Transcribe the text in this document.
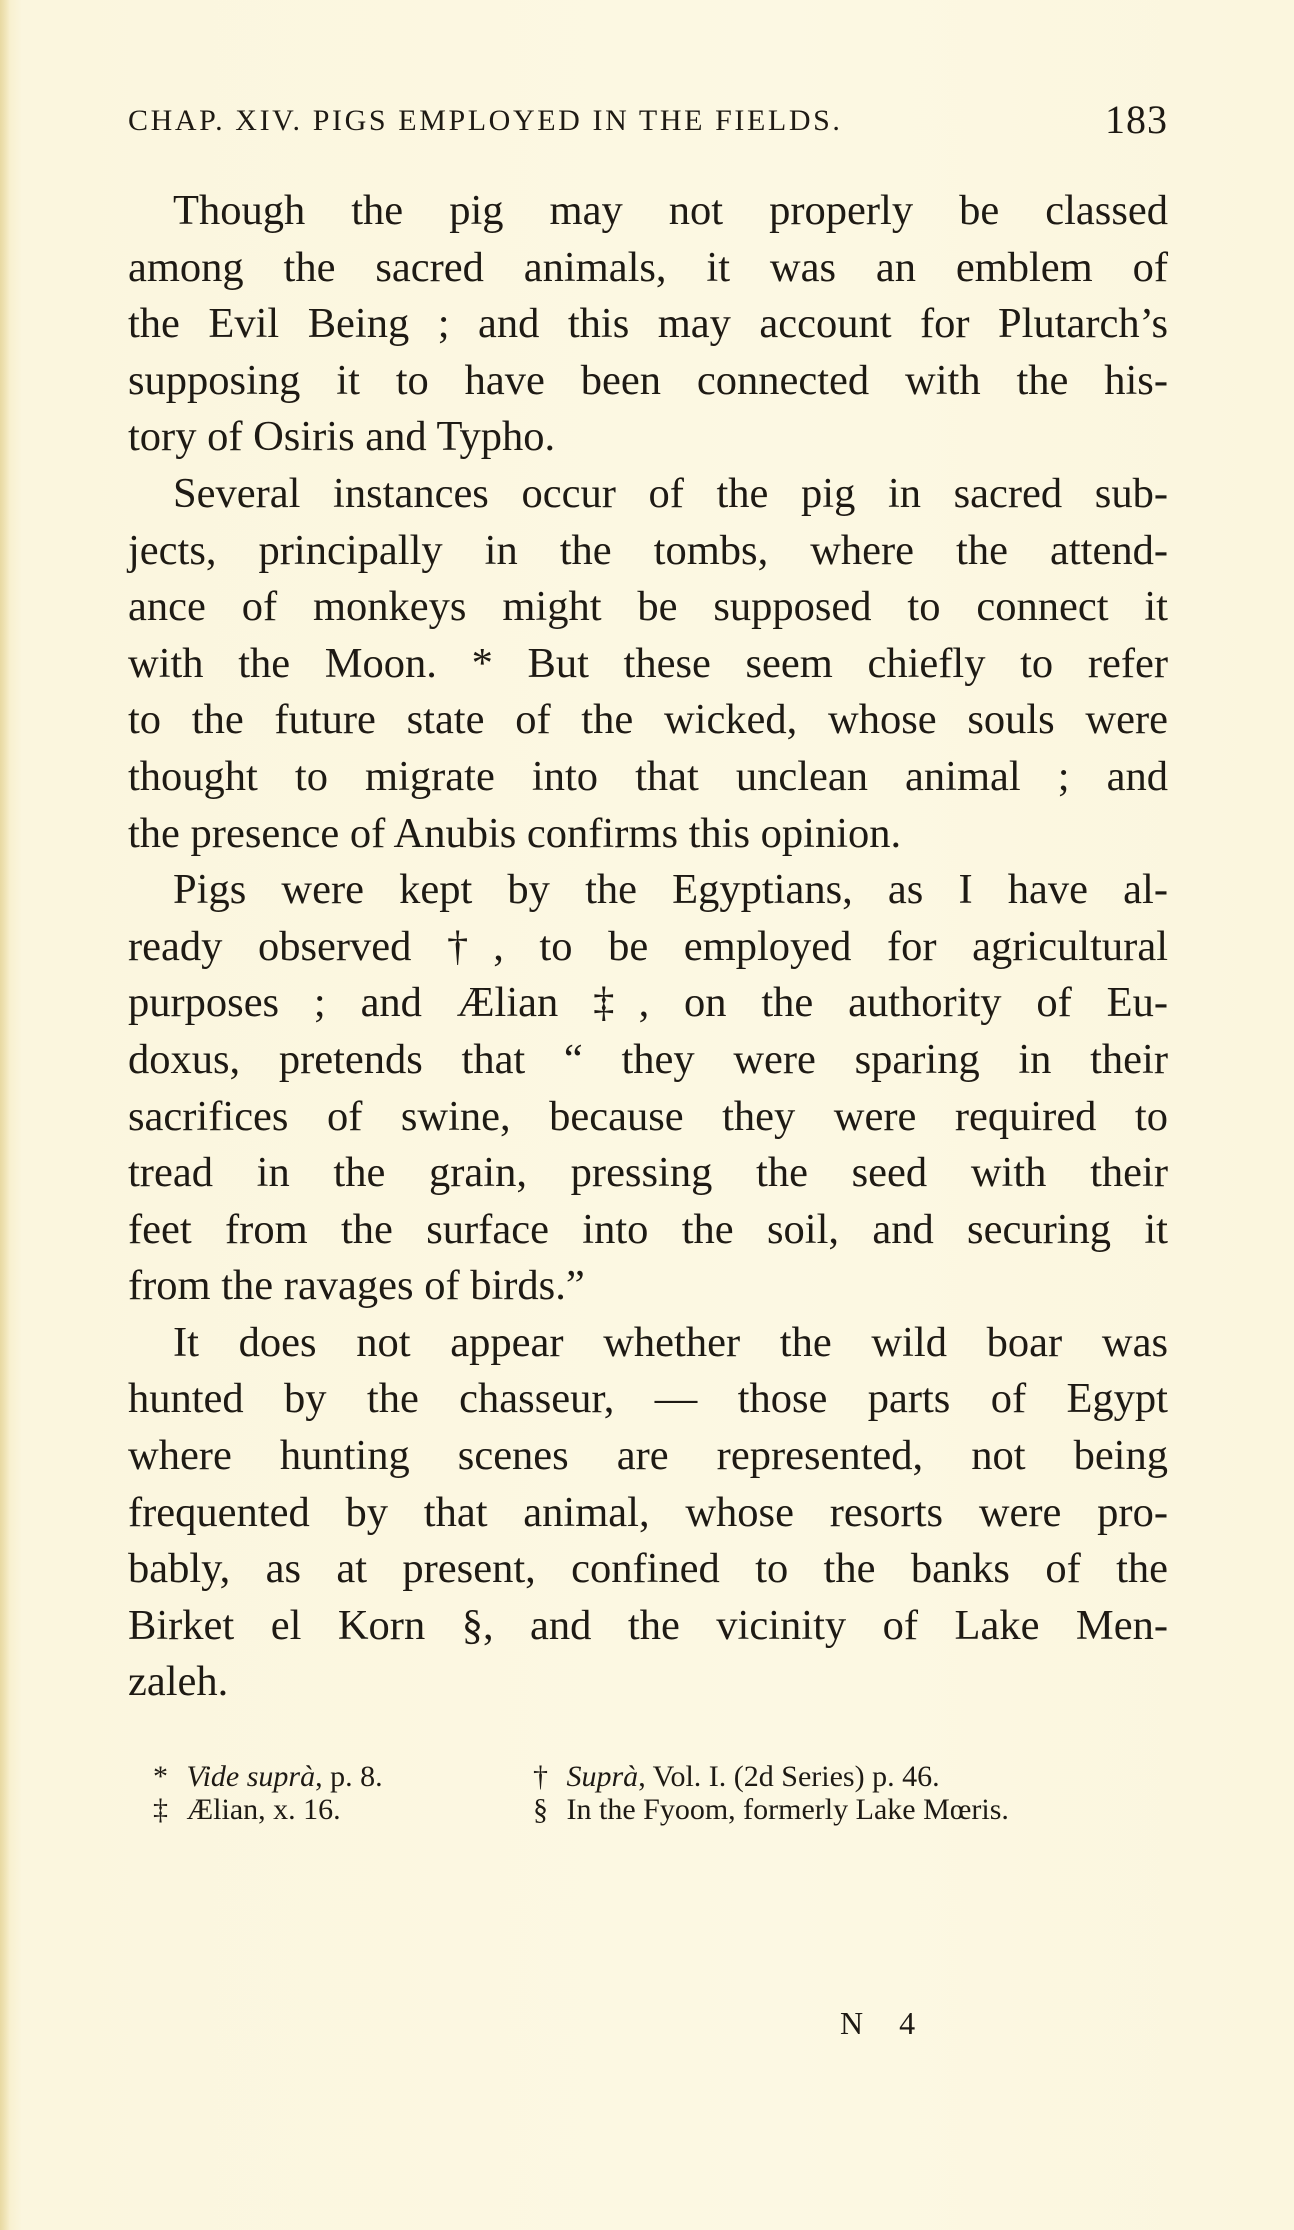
CHAP. XIV. PIGS EMPLOYED IN THE FIELDS.	183
Though the pig may not properly be classed
among the sacred animals, it was an emblem of
the Evil Being ; and this may account for Plutarch’s
supposing it to have been connected with the his-
tory of Osiris and Typho.
Several instances occur of the pig in sacred sub-
jects, principally in the tombs, where the attend-
ance of monkeys might be supposed to connect it
with the Moon. * But these seem chiefly to refer
to the future state of the wicked, whose souls were
thought to migrate into that unclean animal ; and
the presence of Anubis confirms this opinion.
Pigs were kept by the Egyptians, as I have al-
ready observed †, to be employed for agricultural
purposes ; and Ælian ‡, on the authority of Eu-
doxus, pretends that “ they were sparing in their
sacrifices of swine, because they were required to
tread in the grain, pressing the seed with their
feet from the surface into the soil, and securing it
from the ravages of birds.”
It does not appear whether the wild boar was
hunted by the chasseur, — those parts of Egypt
where hunting scenes are represented, not being
frequented by that animal, whose resorts were pro-
bably, as at present, confined to the banks of the
Birket el Korn §, and the vicinity of Lake Men-
zaleh.
* Vide suprà, p. 8.	† Suprà, Vol. I. (2d Series) p. 46.
‡ Ælian, x. 16.	§ In the Fyoom, formerly Lake Mœris.
N 4
